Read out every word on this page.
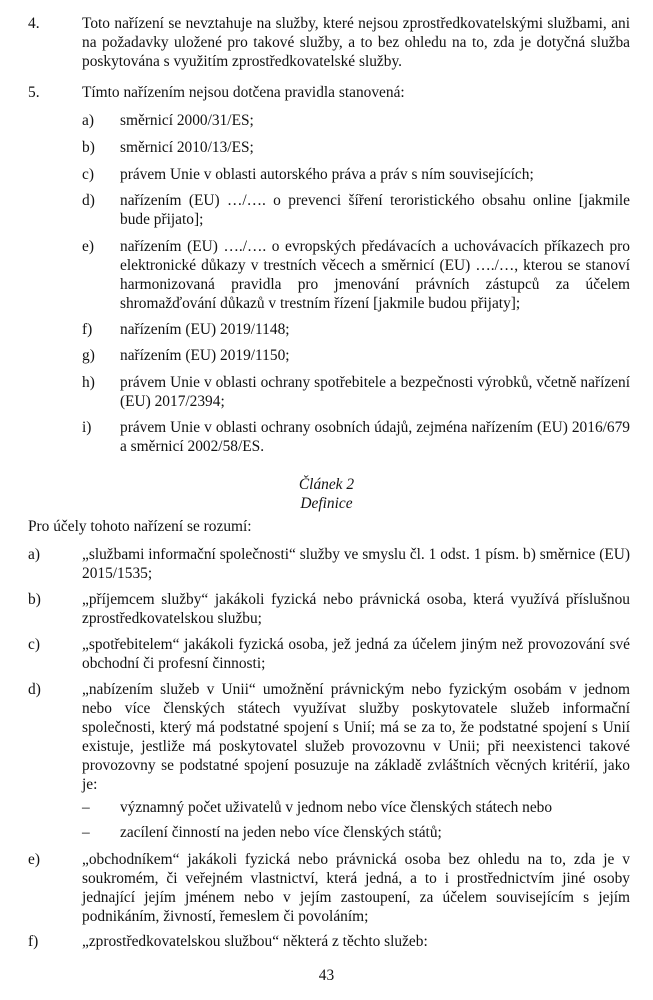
4.	Toto nařízení se nevztahuje na služby, které nejsou zprostředkovatelskými službami, ani na požadavky uložené pro takové služby, a to bez ohledu na to, zda je dotyčná služba poskytována s využitím zprostředkovatelské služby.
5.	Tímto nařízením nejsou dotčena pravidla stanovená:
a) směrnicí 2000/31/ES;
b) směrnicí 2010/13/ES;
c) právem Unie v oblasti autorského práva a práv s ním souvisejících;
d) nařízením (EU) …/…. o prevenci šíření teroristického obsahu online [jakmile bude přijato];
e) nařízením (EU) …./…. o evropských předávacích a uchovávacích příkazech pro elektronické důkazy v trestních věcech a směrnicí (EU) …./…, kterou se stanoví harmonizovaná pravidla pro jmenování právních zástupců za účelem shromažďování důkazů v trestním řízení [jakmile budou přijaty];
f) nařízením (EU) 2019/1148;
g) nařízením (EU) 2019/1150;
h) právem Unie v oblasti ochrany spotřebitele a bezpečnosti výrobků, včetně nařízení (EU) 2017/2394;
i) právem Unie v oblasti ochrany osobních údajů, zejména nařízením (EU) 2016/679 a směrnicí 2002/58/ES.
Článek 2
Definice
Pro účely tohoto nařízení se rozumí:
a)	„službami informační společnosti“ služby ve smyslu čl. 1 odst. 1 písm. b) směrnice (EU) 2015/1535;
b)	„příjemcem služby“ jakákoli fyzická nebo právnická osoba, která využívá příslušnou zprostředkovatelskou službu;
c)	„spotřebitelem“ jakákoli fyzická osoba, jež jedná za účelem jiným než provozování své obchodní či profesní činnosti;
d)	„nabízením služeb v Unii“ umožnění právnickým nebo fyzickým osobám v jednom nebo více členských státech využívat služby poskytovatele služeb informační společnosti, který má podstatné spojení s Unií; má se za to, že podstatné spojení s Unií existuje, jestliže má poskytovatel služeb provozovnu v Unii; při neexistenci takové provozovny se podstatné spojení posuzuje na základě zvláštních věcných kritérií, jako je:
– významný počet uživatelů v jednom nebo více členských státech nebo
– zacílení činností na jeden nebo více členských států;
e)	„obchodníkem“ jakákoli fyzická nebo právnická osoba bez ohledu na to, zda je v soukromém, či veřejném vlastnictví, která jedná, a to i prostřednictvím jiné osoby jednající jejím jménem nebo v jejím zastoupení, za účelem souvisejícím s jejím podnikáním, živností, řemeslem či povoláním;
f)	„zprostředkovatelskou službou“ některá z těchto služeb:
43
